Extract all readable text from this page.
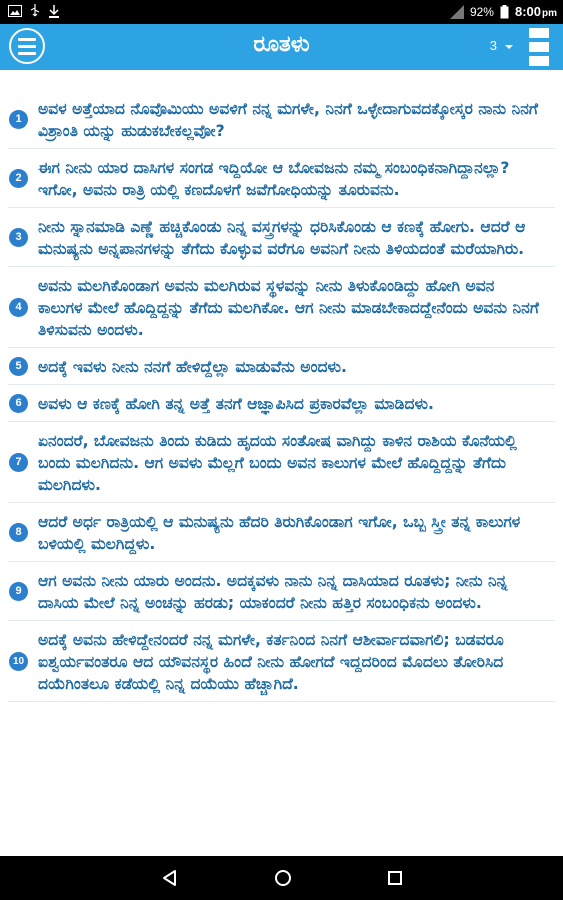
92% 8:00pm
ರೂತಳು	3
1
ಅವಳ ಅತ್ತೆಯಾದ ನೊವೊಮಿಯು ಅವಳಿಗೆ ನನ್ನ ಮಗಳೇ, ನಿನಗೆ ಒಳ್ಳೇದಾಗುವದಕ್ಕೋಸ್ಕರ ನಾನು ನಿನಗೆ ವಿಶ್ರಾಂತಿ ಯನ್ನು ಹುಡುಕಬೇಕಲ್ಲವೋ?
2
ಈಗ ನೀನು ಯಾರ ದಾಸಿಗಳ ಸಂಗಡ ಇದ್ದಿಯೋ ಆ ಬೋವಜನು ನಮ್ಮ ಸಂಬಂಧಿಕನಾಗಿದ್ದಾನಲ್ಲಾ? ಇಗೋ, ಅವನು ರಾತ್ರಿ ಯಲ್ಲಿ ಕಣದೊಳಗೆ ಜವೆಗೋಧಿಯನ್ನು ತೂರುವನು.
3
ನೀನು ಸ್ನಾನಮಾಡಿ ಎಣ್ಣೆ ಹಚ್ಚಿಕೊಂಡು ನಿನ್ನ ವಸ್ತ್ರಗಳನ್ನು ಧರಿಸಿಕೊಂಡು ಆ ಕಣಕ್ಕೆ ಹೋಗು. ಆದರೆ ಆ ಮನುಷ್ಯನು ಅನ್ನಪಾನಗಳನ್ನು ತೆಗೆದು ಕೊಳ್ಳುವ ವರೆಗೂ ಅವನಿಗೆ ನೀನು ತಿಳಿಯದಂತೆ ಮರೆಯಾಗಿರು.
4
ಅವನು ಮಲಗಿಕೊಂಡಾಗ ಅವನು ಮಲಗಿರುವ ಸ್ಥಳವನ್ನು ನೀನು ತಿಳುಕೊಂಡಿದ್ದು ಹೋಗಿ ಅವನ ಕಾಲುಗಳ ಮೇಲೆ ಹೊದ್ದಿದ್ದನ್ನು ತೆಗೆದು ಮಲಗಿಕೋ. ಆಗ ನೀನು ಮಾಡಬೇಕಾದದ್ದೇನೆಂದು ಅವನು ನಿನಗೆ ತಿಳಿಸುವನು ಅಂದಳು.
5	ಅದಕ್ಕೆ ಇವಳು ನೀನು ನನಗೆ ಹೇಳಿದ್ದೆಲ್ಲಾ ಮಾಡುವೆನು ಅಂದಳು.
6	ಅವಳು ಆ ಕಣಕ್ಕೆ ಹೋಗಿ ತನ್ನ ಅತ್ತೆ ತನಗೆ ಆಜ್ಞಾಪಿಸಿದ ಪ್ರಕಾರವೆಲ್ಲಾ ಮಾಡಿದಳು.
7
ಏನಂದರೆ, ಬೋವಜನು ತಿಂದು ಕುಡಿದು ಹೃದಯ ಸಂತೋಷ ವಾಗಿದ್ದು ಕಾಳಿನ ರಾಶಿಯ ಕೊನೆಯಲ್ಲಿ ಬಂದು ಮಲಗಿದನು. ಆಗ ಅವಳು ಮೆಲ್ಲಗೆ ಬಂದು ಅವನ ಕಾಲುಗಳ ಮೇಲೆ ಹೊದ್ದಿದ್ದನ್ನು ತೆಗೆದು ಮಲಗಿದಳು.
8
ಆದರೆ ಅರ್ಧ ರಾತ್ರಿಯಲ್ಲಿ ಆ ಮನುಷ್ಯನು ಹೆದರಿ ತಿರುಗಿಕೊಂಡಾಗ ಇಗೋ, ಒಬ್ಬ ಸ್ತ್ರೀ ತನ್ನ ಕಾಲುಗಳ ಬಳಿಯಲ್ಲಿ ಮಲಗಿದ್ದಳು.
9
ಆಗ ಅವನು ನೀನು ಯಾರು ಅಂದನು. ಅದಕ್ಕವಳು ನಾನು ನಿನ್ನ ದಾಸಿಯಾದ ರೂತಳು; ನೀನು ನಿನ್ನ ದಾಸಿಯ ಮೇಲೆ ನಿನ್ನ ಅಂಚನ್ನು ಹರಡು; ಯಾಕಂದರೆ ನೀನು ಹತ್ತಿರ ಸಂಬಂಧಿಕನು ಅಂದಳು.
10
ಅದಕ್ಕೆ ಅವನು ಹೇಳಿದ್ದೇನಂದರೆ ನನ್ನ ಮಗಳೇ, ಕರ್ತನಿಂದ ನಿನಗೆ ಆಶೀರ್ವಾದವಾಗಲಿ; ಬಡವರೂ ಐಶ್ವರ್ಯವಂತರೂ ಆದ ಯೌವನಸ್ಥರ ಹಿಂದೆ ನೀನು ಹೋಗದೆ ಇದ್ದದರಿಂದ ಮೊದಲು ತೋರಿಸಿದ ದಯೆಗಿಂತಲೂ ಕಡೆಯಲ್ಲಿ ನಿನ್ನ ದಯೆಯು ಹೆಚ್ಚಾಗಿದೆ.
